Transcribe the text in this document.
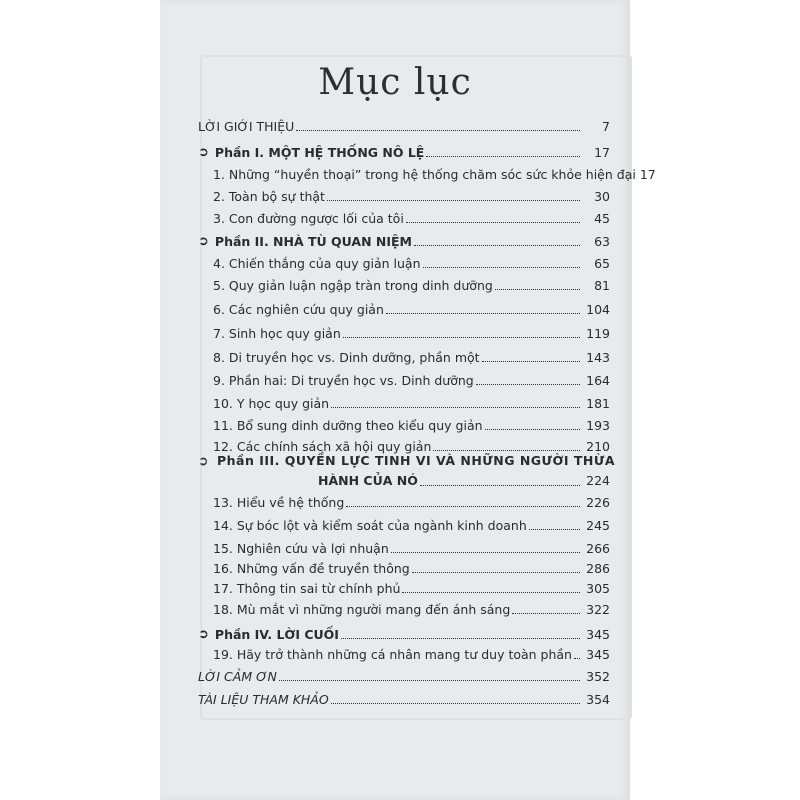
Mục lục
LỜI GIỚI THIỆU	7
➲ Phần I. MỘT HỆ THỐNG NÔ LỆ	17
1. Những “huyền thoại” trong hệ thống chăm sóc sức khỏe hiện đại 17
2. Toàn bộ sự thật	30
3. Con đường ngược lối của tôi	45
➲ Phần II. NHÀ TÙ QUAN NIỆM	63
4. Chiến thắng của quy giản luận	65
5. Quy giản luận ngập tràn trong dinh dưỡng	81
6. Các nghiên cứu quy giản	104
7. Sinh học quy giản	119
8. Di truyền học vs. Dinh dưỡng, phần một	143
9. Phần hai: Di truyền học vs. Dinh dưỡng	164
10. Y học quy giản	181
11. Bổ sung dinh dưỡng theo kiểu quy giản	193
12. Các chính sách xã hội quy giản	210
➲ Phần III. QUYỀN LỰC TINH VI VÀ NHỮNG NGƯỜI THỪA
HÀNH CỦA NÓ	224
13. Hiểu về hệ thống	226
14. Sự bóc lột và kiểm soát của ngành kinh doanh	245
15. Nghiên cứu và lợi nhuận	266
16. Những vấn đề truyền thông	286
17. Thông tin sai từ chính phủ	305
18. Mù mắt vì những người mang đến ánh sáng	322
➲ Phần IV. LỜI CUỐI	345
19. Hãy trở thành những cá nhân mang tư duy toàn phần	345
LỜI CẢM ƠN	352
TÀI LIỆU THAM KHẢO	354
